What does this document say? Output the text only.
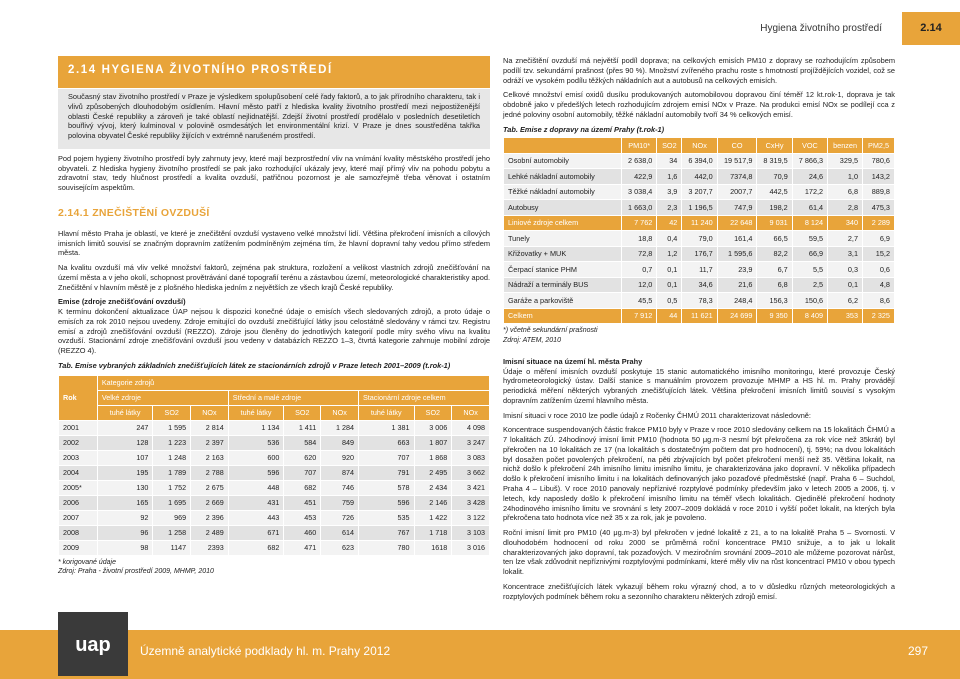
Hygiena životního prostředí	2.14
2.14 HYGIENA ŽIVOTNÍHO PROSTŘEDÍ
Současný stav životního prostředí v Praze je výsledkem spolupůsobení celé řady faktorů, a to jak přírodního charakteru, tak i vlivů způsobených dlouhodobým osídlením. Hlavní město patří z hlediska kvality životního prostředí mezi nejpostiženější oblasti České republiky a zároveň je také oblastí nejlidnatější. Zdejší životní prostředí prodělalo v posledních desetiletích bouřlivý vývoj, který kulminoval v polovině osmdesátých let environmentální krizí. V Praze je dnes soustředěna takřka polovina obyvatel České republiky žijících v extrémně narušeném prostředí.
Pod pojem hygieny životního prostředí byly zahrnuty jevy, které mají bezprostřední vliv na vnímání kvality městského prostředí jeho obyvateli. Z hlediska hygieny životního prostředí se pak jako rozhodující ukázaly jevy, které mají přímý vliv na pohodu pobytu a zdravotní stav, tedy hlučnost prostředí a kvalita ovzduší, patřičnou pozornost je ale samozřejmě třeba věnovat i ostatním souvisejícím aspektům.
2.14.1 ZNEČIŠTĚNÍ OVZDUŠÍ
Hlavní město Praha je oblastí, ve které je znečištění ovzduší vystaveno velké množství lidí. Většina překročení imisních a cílových imisních limitů souvisí se značným dopravním zatížením podmíněným zejména tím, že hlavní dopravní tahy vedou přímo středem města.
Na kvalitu ovzduší má vliv velké množství faktorů, zejména pak struktura, rozložení a velikost vlastních zdrojů znečišťování na území města a v jeho okolí, schopnost provětrávání dané topografií terénu a zástavbou území, meteorologické charakteristiky apod. Znečištění v hlavním městě je z plošného hlediska jedním z největších ze všech krajů České republiky.
Emise (zdroje znečišťování ovzduší)
K termínu dokončení aktualizace ÚAP nejsou k dispozici konečné údaje o emisích všech sledovaných zdrojů, a proto údaje o emisích za rok 2010 nejsou uvedeny. Zdroje emitující do ovzduší znečišťující látky jsou celostátně sledovány v rámci tzv. Registru emisí a zdrojů znečišťování ovzduší (REZZO). Zdroje jsou členěny do jednotlivých kategorií podle míry svého vlivu na kvalitu ovzduší. Stacionární zdroje znečišťování ovzduší jsou vedeny v databázích REZZO 1–3, čtvrtá kategorie zahrnuje mobilní zdroje (REZZO 4).
Tab. Emise vybraných základních znečišťujících látek ze stacionárních zdrojů v Praze letech 2001–2009 (t.rok-1)
Rok	Kategorie zdrojů								
	Velké zdroje			Střední a malé zdroje			Stacionární zdroje celkem		
	tuhé látky	SO2	NOx	tuhé látky	SO2	NOx	tuhé látky	SO2	NOx
2001	247	1 595	2 814	1 134	1 411	1 284	1 381	3 006	4 098
2002	128	1 223	2 397	536	584	849	663	1 807	3 247
2003	107	1 248	2 163	600	620	920	707	1 868	3 083
2004	195	1 789	2 788	596	707	874	791	2 495	3 662
2005*	130	1 752	2 675	448	682	746	578	2 434	3 421
2006	165	1 695	2 669	431	451	759	596	2 146	3 428
2007	92	969	2 396	443	453	726	535	1 422	3 122
2008	96	1 258	2 489	671	460	614	767	1 718	3 103
2009	98	1147	2393	682	471	623	780	1618	3 016
* korigované údaje
Zdroj: Praha - životní prostředí 2009, MHMP, 2010
Na znečištění ovzduší má největší podíl doprava; na celkových emisích PM10 z dopravy se rozhodujícím způsobem podílí tzv. sekundární prašnost (přes 90 %). Množství zvířeného prachu roste s hmotností projíždějících vozidel, což se odráží ve vysokém podílu těžkých nákladních aut a autobusů na celkových emisích.
Celkové množství emisí oxidů dusíku produkovaných automobilovou dopravou činí téměř 12 kt.rok-1, doprava je tak obdobně jako v předešlých letech rozhodujícím zdrojem emisí NOx v Praze. Na produkci emisí NOx se podílejí cca z jedné poloviny osobní automobily, těžké nákladní automobily tvoří 34 % celkových emisí.
Tab. Emise z dopravy na území Prahy (t.rok-1)
	PM10*	SO2	NOx	CO	CxHy	VOC	benzen	PM2,5
Osobní automobily	2 638,0	34	6 394,0	19 517,9	8 319,5	7 866,3	329,5	780,6
Lehké nákladní automobily	422,9	1,6	442,0	7374,8	70,9	24,6	1,0	143,2
Těžké nákladní automobily	3 038,4	3,9	3 207,7	2007,7	442,5	172,2	6,8	889,8
Autobusy	1 663,0	2,3	1 196,5	747,9	198,2	61,4	2,8	475,3
Liniové zdroje celkem	7 762	42	11 240	22 648	9 031	8 124	340	2 289
Tunely	18,8	0,4	79,0	161,4	66,5	59,5	2,7	6,9
Křižovatky + MUK	72,8	1,2	176,7	1 595,6	82,2	66,9	3,1	15,2
Čerpací stanice PHM	0,7	0,1	11,7	23,9	6,7	5,5	0,3	0,6
Nádraží a terminály BUS	12,0	0,1	34,6	21,6	6,8	2,5	0,1	4,8
Garáže a parkoviště	45,5	0,5	78,3	248,4	156,3	150,6	6,2	8,6
Celkem	7 912	44	11 621	24 699	9 350	8 409	353	2 325
*) včetně sekundární prašnosti
Zdroj: ATEM, 2010
Imisní situace na území hl. města Prahy
Údaje o měření imisních ovzduší poskytuje 15 stanic automatického imisního monitoringu, které provozuje Český hydrometeorologický ústav. Další stanice s manuálním provozem provozuje MHMP a HS hl. m. Prahy provádějí periodická měření některých vybraných znečišťujících látek. Většina překročení imisních limitů souvisí s vysokým dopravním zatížením území hlavního města.
Imisní situaci v roce 2010 lze podle údajů z Ročenky ČHMÚ 2011 charakterizovat následovně:
Koncentrace suspendovaných částic frakce PM10 byly v Praze v roce 2010 sledovány celkem na 15 lokalitách ČHMÚ a 7 lokalitách ZÚ. 24hodinový imisní limit PM10 (hodnota 50 μg.m-3 nesmí být překročena za rok více než 35krát) byl překročen na 10 lokalitách ze 17 (na lokalitách s dostatečným počtem dat pro hodnocení), tj. 59%; na dvou lokalitách byl dosažen počet povolených překročení, na pěti zbývajících byl počet překročení menší než 35. Většina lokalit, na nichž došlo k překročení 24h imisního limitu imisního limitu, je charakterizována jako dopravní. V několika případech došlo k překročení imisního limitu i na lokalitách definovaných jako pozaďové předměstské (např. Praha 6 – Suchdol, Praha 4 – Libuš). V roce 2010 panovaly nepříznivé rozptylové podmínky především jako v letech 2005 a 2006, tj. v letech, kdy naposledy došlo k překročení imisního limitu na téměř všech lokalitách. Ojedinělé překročení hodnoty 24hodinového imisního limitu ve srovnání s lety 2007–2009 dokládá v roce 2010 i vyšší počet lokalit, na kterých byla překročena tato hodnota více než 35 x za rok, jak je povoleno.
Roční imisní limit pro PM10 (40 μg.m-3) byl překročen v jedné lokalitě z 21, a to na lokalitě Praha 5 – Svornosti. V dlouhodobém hodnocení od roku 2000 se průměrná roční koncentrace PM10 snižuje, a to jak u lokalit charakterizovaných jako dopravní, tak pozaďových. V meziročním srovnání 2009–2010 ale můžeme pozorovat nárůst, ten lze však zdůvodnit nepříznivými rozptylovými podmínkami, které měly vliv na růst koncentrací PM10 v obou typech lokalit.
Koncentrace znečišťujících látek vykazují během roku výrazný chod, a to v důsledku různých meteorologických a rozptylových podmínek během roku a sezonního charakteru některých zdrojů emisí.
uap Územně analytické podklady hl. m. Prahy 2012	297
